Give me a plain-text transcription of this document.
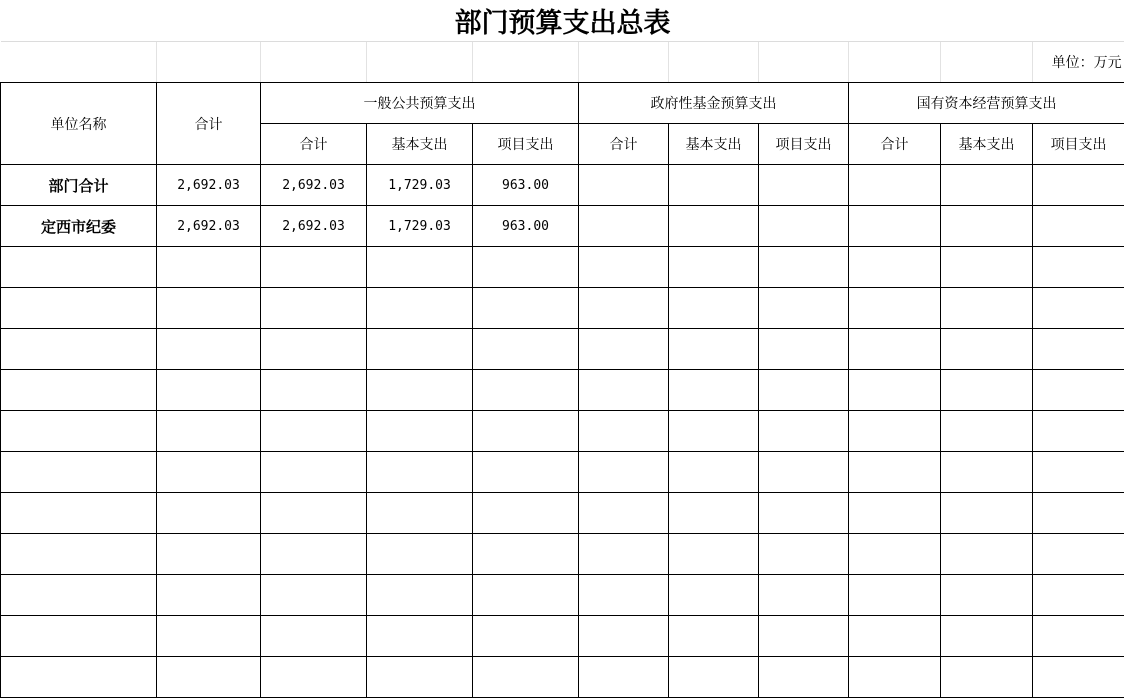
部门预算支出总表										
										单位：万元
单位名称	合计	一般公共预算支出			政府性基金预算支出			国有资本经营预算支出		
		合计	基本支出	项目支出	合计	基本支出	项目支出	合计	基本支出	项目支出
部门合计	2,692.03	2,692.03	1,729.03	963.00						
定西市纪委	2,692.03	2,692.03	1,729.03	963.00						
